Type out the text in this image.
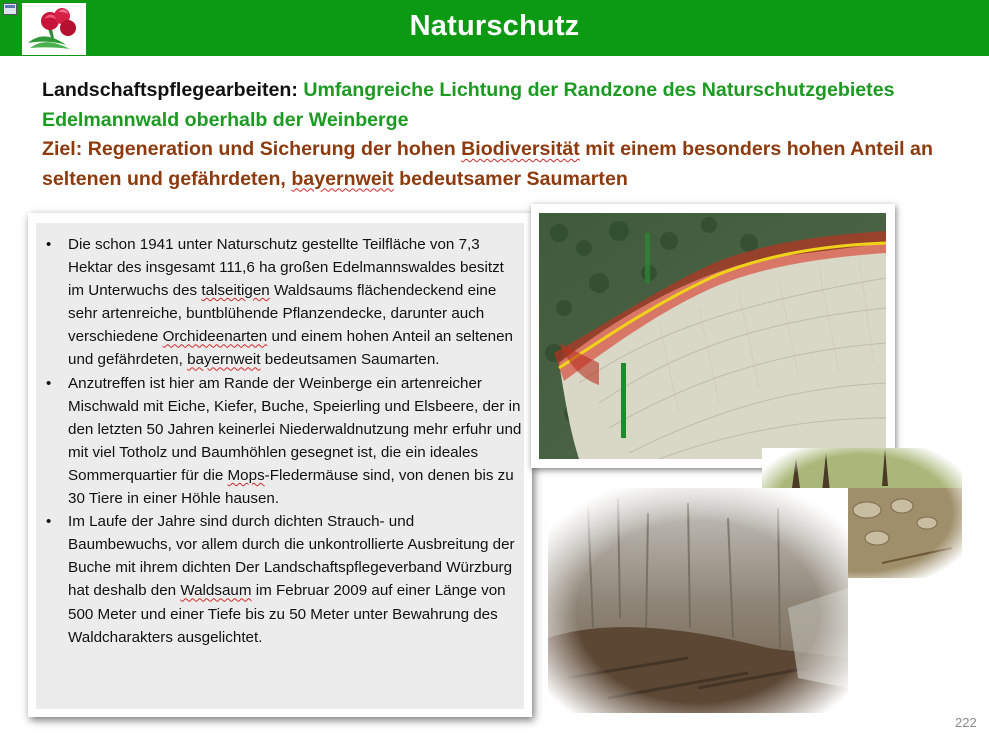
Naturschutz
Landschaftspflegearbeiten: Umfangreiche Lichtung der Randzone des Naturschutzgebietes Edelmannwald oberhalb der Weinberge
Ziel: Regeneration und Sicherung der hohen Biodiversität mit einem besonders hohen Anteil an seltenen und gefährdeten, bayernweit bedeutsamer Saumarten
• Die schon 1941 unter Naturschutz gestellte Teilfläche von 7,3 Hektar des insgesamt 111,6 ha großen Edelmannswaldes besitzt im Unterwuchs des talseitigen Waldsaums flächendeckend eine sehr artenreiche, buntblühende Pflanzendecke, darunter auch verschiedene Orchideenarten und einem hohen Anteil an seltenen und gefährdeten, bayernweit bedeutsamen Saumarten.
• Anzutreffen ist hier am Rande der Weinberge ein artenreicher Mischwald mit Eiche, Kiefer, Buche, Speierling und Elsbeere, der in den letzten 50 Jahren keinerlei Niederwaldnutzung mehr erfuhr und mit viel Totholz und Baumhöhlen gesegnet ist, die ein ideales Sommerquartier für die Mops-Fledermäuse sind, von denen bis zu 30 Tiere in einer Höhle hausen.
• Im Laufe der Jahre sind durch dichten Strauch- und Baumbewuchs, vor allem durch die unkontrollierte Ausbreitung der Buche mit ihrem dichten Der Landschaftspflegeverband Würzburg hat deshalb den Waldsaum im Februar 2009 auf einer Länge von 500 Meter und einer Tiefe bis zu 50 Meter unter Bewahrung des Waldcharakters ausgelichtet.
222
